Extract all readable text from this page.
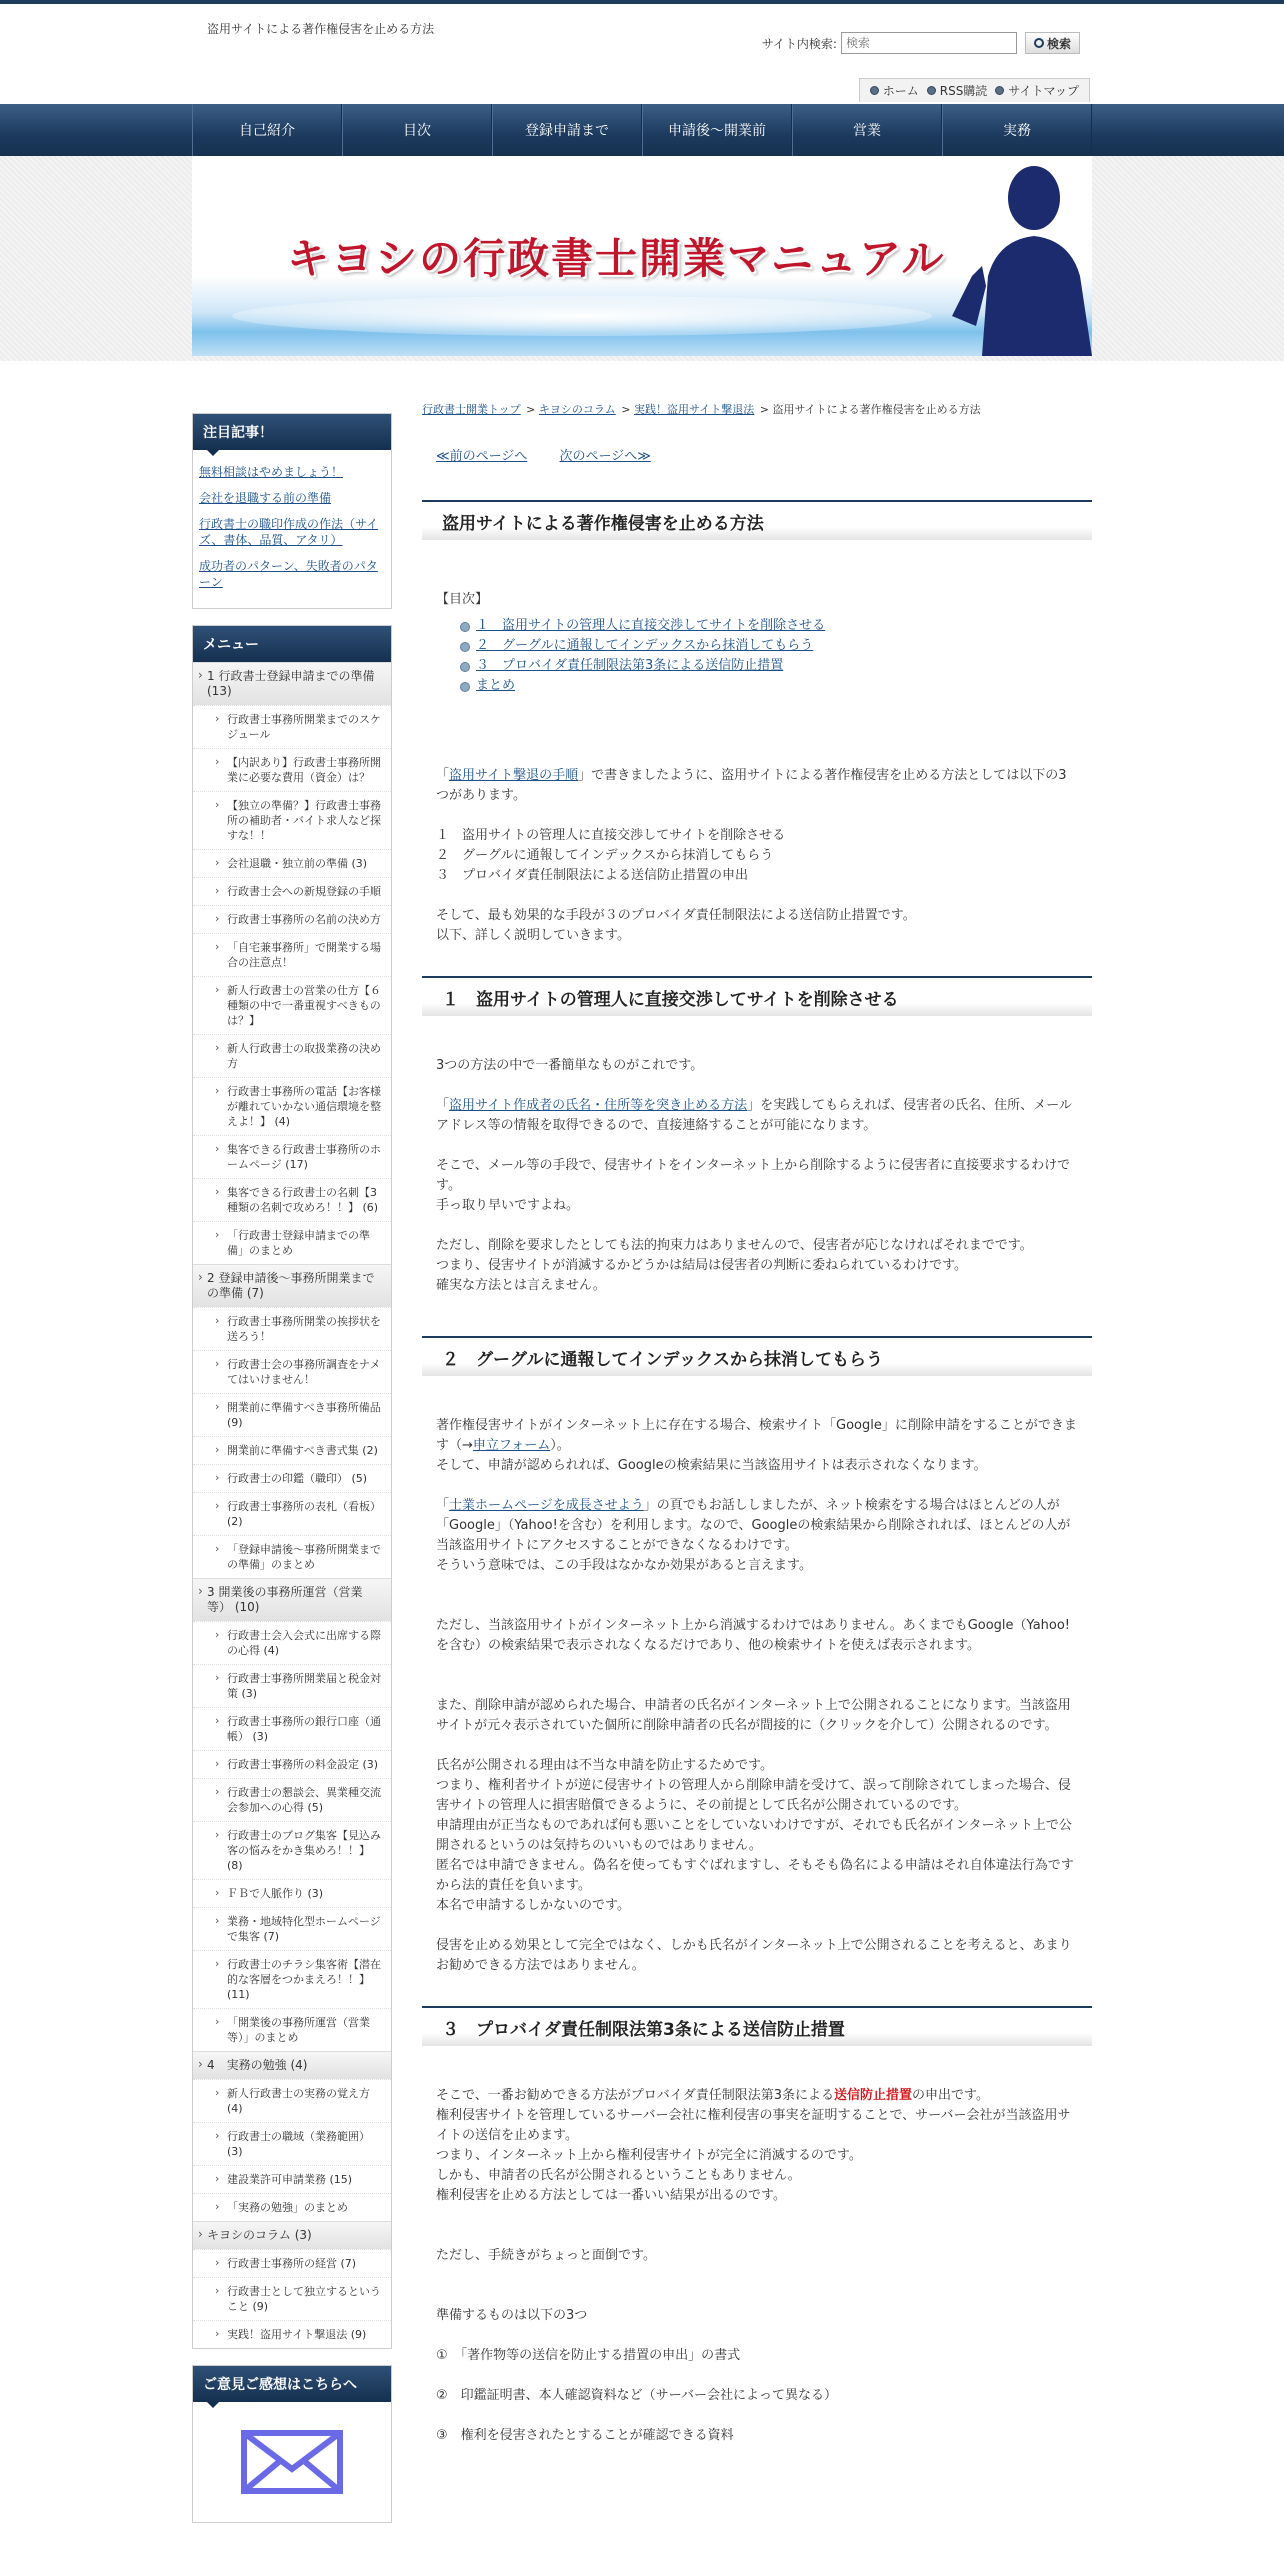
盗用サイトによる著作権侵害を止める方法
サイト内検索:
検索	検索
ホーム RSS購読 サイトマップ
自己紹介	目次	登録申請まで	申請後～開業前	営業	実務
キヨシの行政書士開業マニュアル
注目記事！
無料相談はやめましょう！
会社を退職する前の準備
行政書士の職印作成の作法（サイズ、書体、品質、アタリ）
成功者のパターン、失敗者のパターン
メニュー
› 1 行政書士登録申請までの準備 (13)
› 行政書士事務所開業までのスケジュール
› 【内訳あり】行政書士事務所開業に必要な費用（資金）は？
› 【独立の準備？】行政書士事務所の補助者・バイト求人など探すな！！
› 会社退職・独立前の準備 (3)
› 行政書士会への新規登録の手順
› 行政書士事務所の名前の決め方
› 「自宅兼事務所」で開業する場合の注意点！
› 新人行政書士の営業の仕方【６種類の中で一番重視すべきものは？】
› 新人行政書士の取扱業務の決め方
› 行政書士事務所の電話【お客様が離れていかない通信環境を整えよ！】 (4)
› 集客できる行政書士事務所のホームページ (17)
› 集客できる行政書士の名刺【3種類の名刺で攻めろ！！】 (6)
› 「行政書士登録申請までの準備」のまとめ
› 2 登録申請後～事務所開業までの準備 (7)
› 行政書士事務所開業の挨拶状を送ろう！
› 行政書士会の事務所調査をナメてはいけません！
› 開業前に準備すべき事務所備品 (9)
› 開業前に準備すべき書式集 (2)
› 行政書士の印鑑（職印） (5)
› 行政書士事務所の表札（看板） (2)
› 「登録申請後～事務所開業までの準備」のまとめ
› 3 開業後の事務所運営（営業等） (10)
› 行政書士会入会式に出席する際の心得 (4)
› 行政書士事務所開業届と税金対策 (3)
› 行政書士事務所の銀行口座（通帳） (3)
› 行政書士事務所の料金設定 (3)
› 行政書士の懇談会、異業種交流会参加への心得 (5)
› 行政書士のブログ集客【見込み客の悩みをかき集めろ！！】 (8)
› ＦＢで人脈作り (3)
› 業務・地域特化型ホームページで集客 (7)
› 行政書士のチラシ集客術【潜在的な客層をつかまえろ！！】 (11)
› 「開業後の事務所運営（営業等）」のまとめ
› 4　実務の勉強 (4)
› 新人行政書士の実務の覚え方 (4)
› 行政書士の職域（業務範囲） (3)
› 建設業許可申請業務 (15)
› 「実務の勉強」のまとめ
› キヨシのコラム (3)
› 行政書士事務所の経営 (7)
› 行政書士として独立するということ (9)
› 実践！盗用サイト撃退法 (9)
ご意見ご感想はこちらへ
行政書士開業トップ > キヨシのコラム > 実践！盗用サイト撃退法 > 盗用サイトによる著作権侵害を止める方法
≪前のページへ 次のページへ≫
盗用サイトによる著作権侵害を止める方法
【目次】
１　盗用サイトの管理人に直接交渉してサイトを削除させる
２　グーグルに通報してインデックスから抹消してもらう
３　プロバイダ責任制限法第3条による送信防止措置
まとめ

「盗用サイト撃退の手順」で書きましたように、盗用サイトによる著作権侵害を止める方法としては以下の3つがあります。

１　盗用サイトの管理人に直接交渉してサイトを削除させる
２　グーグルに通報してインデックスから抹消してもらう
３　プロバイダ責任制限法による送信防止措置の申出

そして、最も効果的な手段が３のプロバイダ責任制限法による送信防止措置です。
以下、詳しく説明していきます。

１　盗用サイトの管理人に直接交渉してサイトを削除させる

3つの方法の中で一番簡単なものがこれです。

「盗用サイト作成者の氏名・住所等を突き止める方法」を実践してもらえれば、侵害者の氏名、住所、メールアドレス等の情報を取得できるので、直接連絡することが可能になります。

そこで、メール等の手段で、侵害サイトをインターネット上から削除するように侵害者に直接要求するわけです。
手っ取り早いですよね。

ただし、削除を要求したとしても法的拘束力はありませんので、侵害者が応じなければそれまでです。
つまり、侵害サイトが消滅するかどうかは結局は侵害者の判断に委ねられているわけです。
確実な方法とは言えません。

２　グーグルに通報してインデックスから抹消してもらう

著作権侵害サイトがインターネット上に存在する場合、検索サイト「Google」に削除申請をすることができます（→申立フォーム）。
そして、申請が認められれば、Googleの検索結果に当該盗用サイトは表示されなくなります。

「士業ホームページを成長させよう」の頁でもお話ししましたが、ネット検索をする場合はほとんどの人が「Google」（Yahoo!を含む）を利用します。なので、Googleの検索結果から削除されれば、ほとんどの人が当該盗用サイトにアクセスすることができなくなるわけです。
そういう意味では、この手段はなかなか効果があると言えます。

ただし、当該盗用サイトがインターネット上から消滅するわけではありません。あくまでもGoogle（Yahoo!を含む）の検索結果で表示されなくなるだけであり、他の検索サイトを使えば表示されます。

また、削除申請が認められた場合、申請者の氏名がインターネット上で公開されることになります。当該盗用サイトが元々表示されていた個所に削除申請者の氏名が間接的に（クリックを介して）公開されるのです。

氏名が公開される理由は不当な申請を防止するためです。
つまり、権利者サイトが逆に侵害サイトの管理人から削除申請を受けて、誤って削除されてしまった場合、侵害サイトの管理人に損害賠償できるように、その前提として氏名が公開されているのです。
申請理由が正当なものであれば何も悪いことをしていないわけですが、それでも氏名がインターネット上で公開されるというのは気持ちのいいものではありません。
匿名では申請できません。偽名を使ってもすぐばれますし、そもそも偽名による申請はそれ自体違法行為ですから法的責任を負います。
本名で申請するしかないのです。

侵害を止める効果として完全ではなく、しかも氏名がインターネット上で公開されることを考えると、あまりお勧めできる方法ではありません。

３　プロバイダ責任制限法第3条による送信防止措置

そこで、一番お勧めできる方法がプロバイダ責任制限法第3条による送信防止措置の申出です。
権利侵害サイトを管理しているサーバー会社に権利侵害の事実を証明することで、サーバー会社が当該盗用サイトの送信を止めます。
つまり、インターネット上から権利侵害サイトが完全に消滅するのです。
しかも、申請者の氏名が公開されるということもありません。
権利侵害を止める方法としては一番いい結果が出るのです。

ただし、手続きがちょっと面倒です。

準備するものは以下の3つ

①　「著作物等の送信を防止する措置の申出」の書式

②　印鑑証明書、本人確認資料など（サーバー会社によって異なる）

③　権利を侵害されたとすることが確認できる資料
